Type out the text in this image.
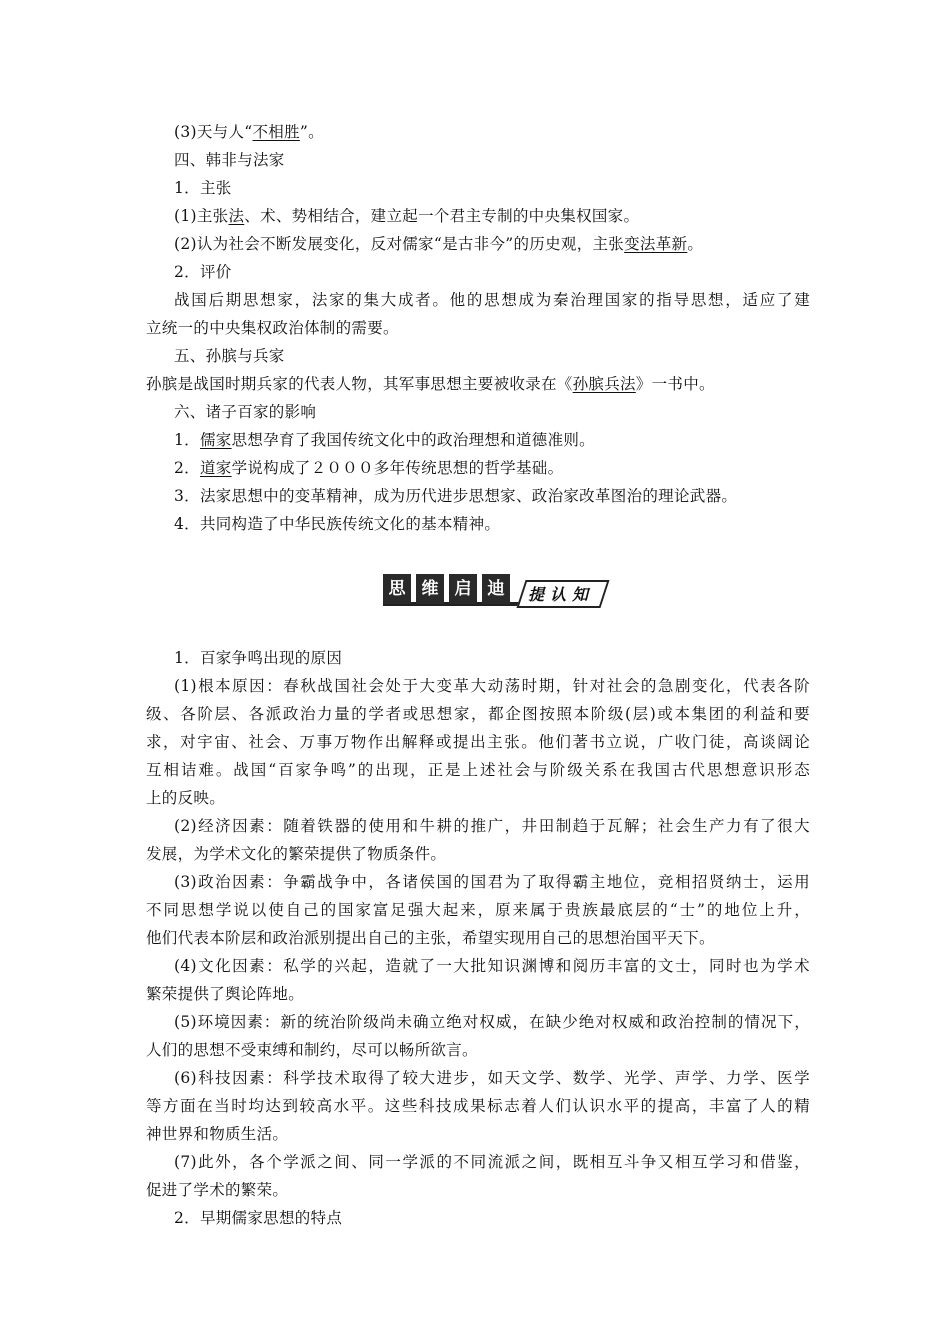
(3)天与人“不相胜”。
四、韩非与法家
1．主张
(1)主张法、术、势相结合，建立起一个君主专制的中央集权国家。
(2)认为社会不断发展变化，反对儒家“是古非今”的历史观，主张变法革新。
2．评价
战国后期思想家，法家的集大成者。他的思想成为秦治理国家的指导思想，适应了建
立统一的中央集权政治体制的需要。
五、孙膑与兵家
孙膑是战国时期兵家的代表人物，其军事思想主要被收录在《孙膑兵法》一书中。
六、诸子百家的影响
1．儒家思想孕育了我国传统文化中的政治理想和道德准则。
2．道家学说构成了２０００多年传统思想的哲学基础。
3．法家思想中的变革精神，成为历代进步思想家、政治家改革图治的理论武器。
4．共同构造了中华民族传统文化的基本精神。
思 维 启 迪	提认知
1．百家争鸣出现的原因
(1)根本原因：春秋战国社会处于大变革大动荡时期，针对社会的急剧变化，代表各阶
级、各阶层、各派政治力量的学者或思想家，都企图按照本阶级(层)或本集团的利益和要
求，对宇宙、社会、万事万物作出解释或提出主张。他们著书立说，广收门徒，高谈阔论
互相诘难。战国“百家争鸣”的出现，正是上述社会与阶级关系在我国古代思想意识形态
上的反映。
(2)经济因素：随着铁器的使用和牛耕的推广，井田制趋于瓦解；社会生产力有了很大
发展，为学术文化的繁荣提供了物质条件。
(3)政治因素：争霸战争中，各诸侯国的国君为了取得霸主地位，竞相招贤纳士，运用
不同思想学说以使自己的国家富足强大起来，原来属于贵族最底层的“士”的地位上升，
他们代表本阶层和政治派别提出自己的主张，希望实现用自己的思想治国平天下。
(4)文化因素：私学的兴起，造就了一大批知识渊博和阅历丰富的文士，同时也为学术
繁荣提供了舆论阵地。
(5)环境因素：新的统治阶级尚未确立绝对权威，在缺少绝对权威和政治控制的情况下，
人们的思想不受束缚和制约，尽可以畅所欲言。
(6)科技因素：科学技术取得了较大进步，如天文学、数学、光学、声学、力学、医学
等方面在当时均达到较高水平。这些科技成果标志着人们认识水平的提高，丰富了人的精
神世界和物质生活。
(7)此外，各个学派之间、同一学派的不同流派之间，既相互斗争又相互学习和借鉴，
促进了学术的繁荣。
2．早期儒家思想的特点
